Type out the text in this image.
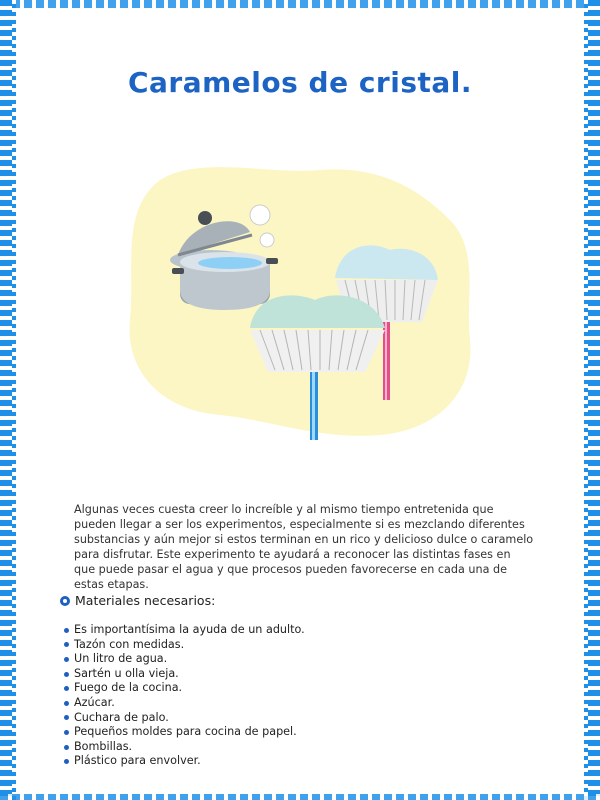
Caramelos de cristal.
Algunas veces cuesta creer lo increíble y al mismo tiempo entretenida que pueden llegar a ser los experimentos, especialmente si es mezclando diferentes substancias y aún mejor si estos terminan en un rico y delicioso dulce o caramelo para disfrutar. Este experimento te ayudará a reconocer las distintas fases en que puede pasar el agua y que procesos pueden favorecerse en cada una de estas etapas.
Materiales necesarios:
Es importantísima la ayuda de un adulto.
Tazón con medidas.
Un litro de agua.
Sartén u olla vieja.
Fuego de la cocina.
Azúcar.
Cuchara de palo.
Pequeños moldes para cocina de papel.
Bombillas.
Plástico para envolver.
